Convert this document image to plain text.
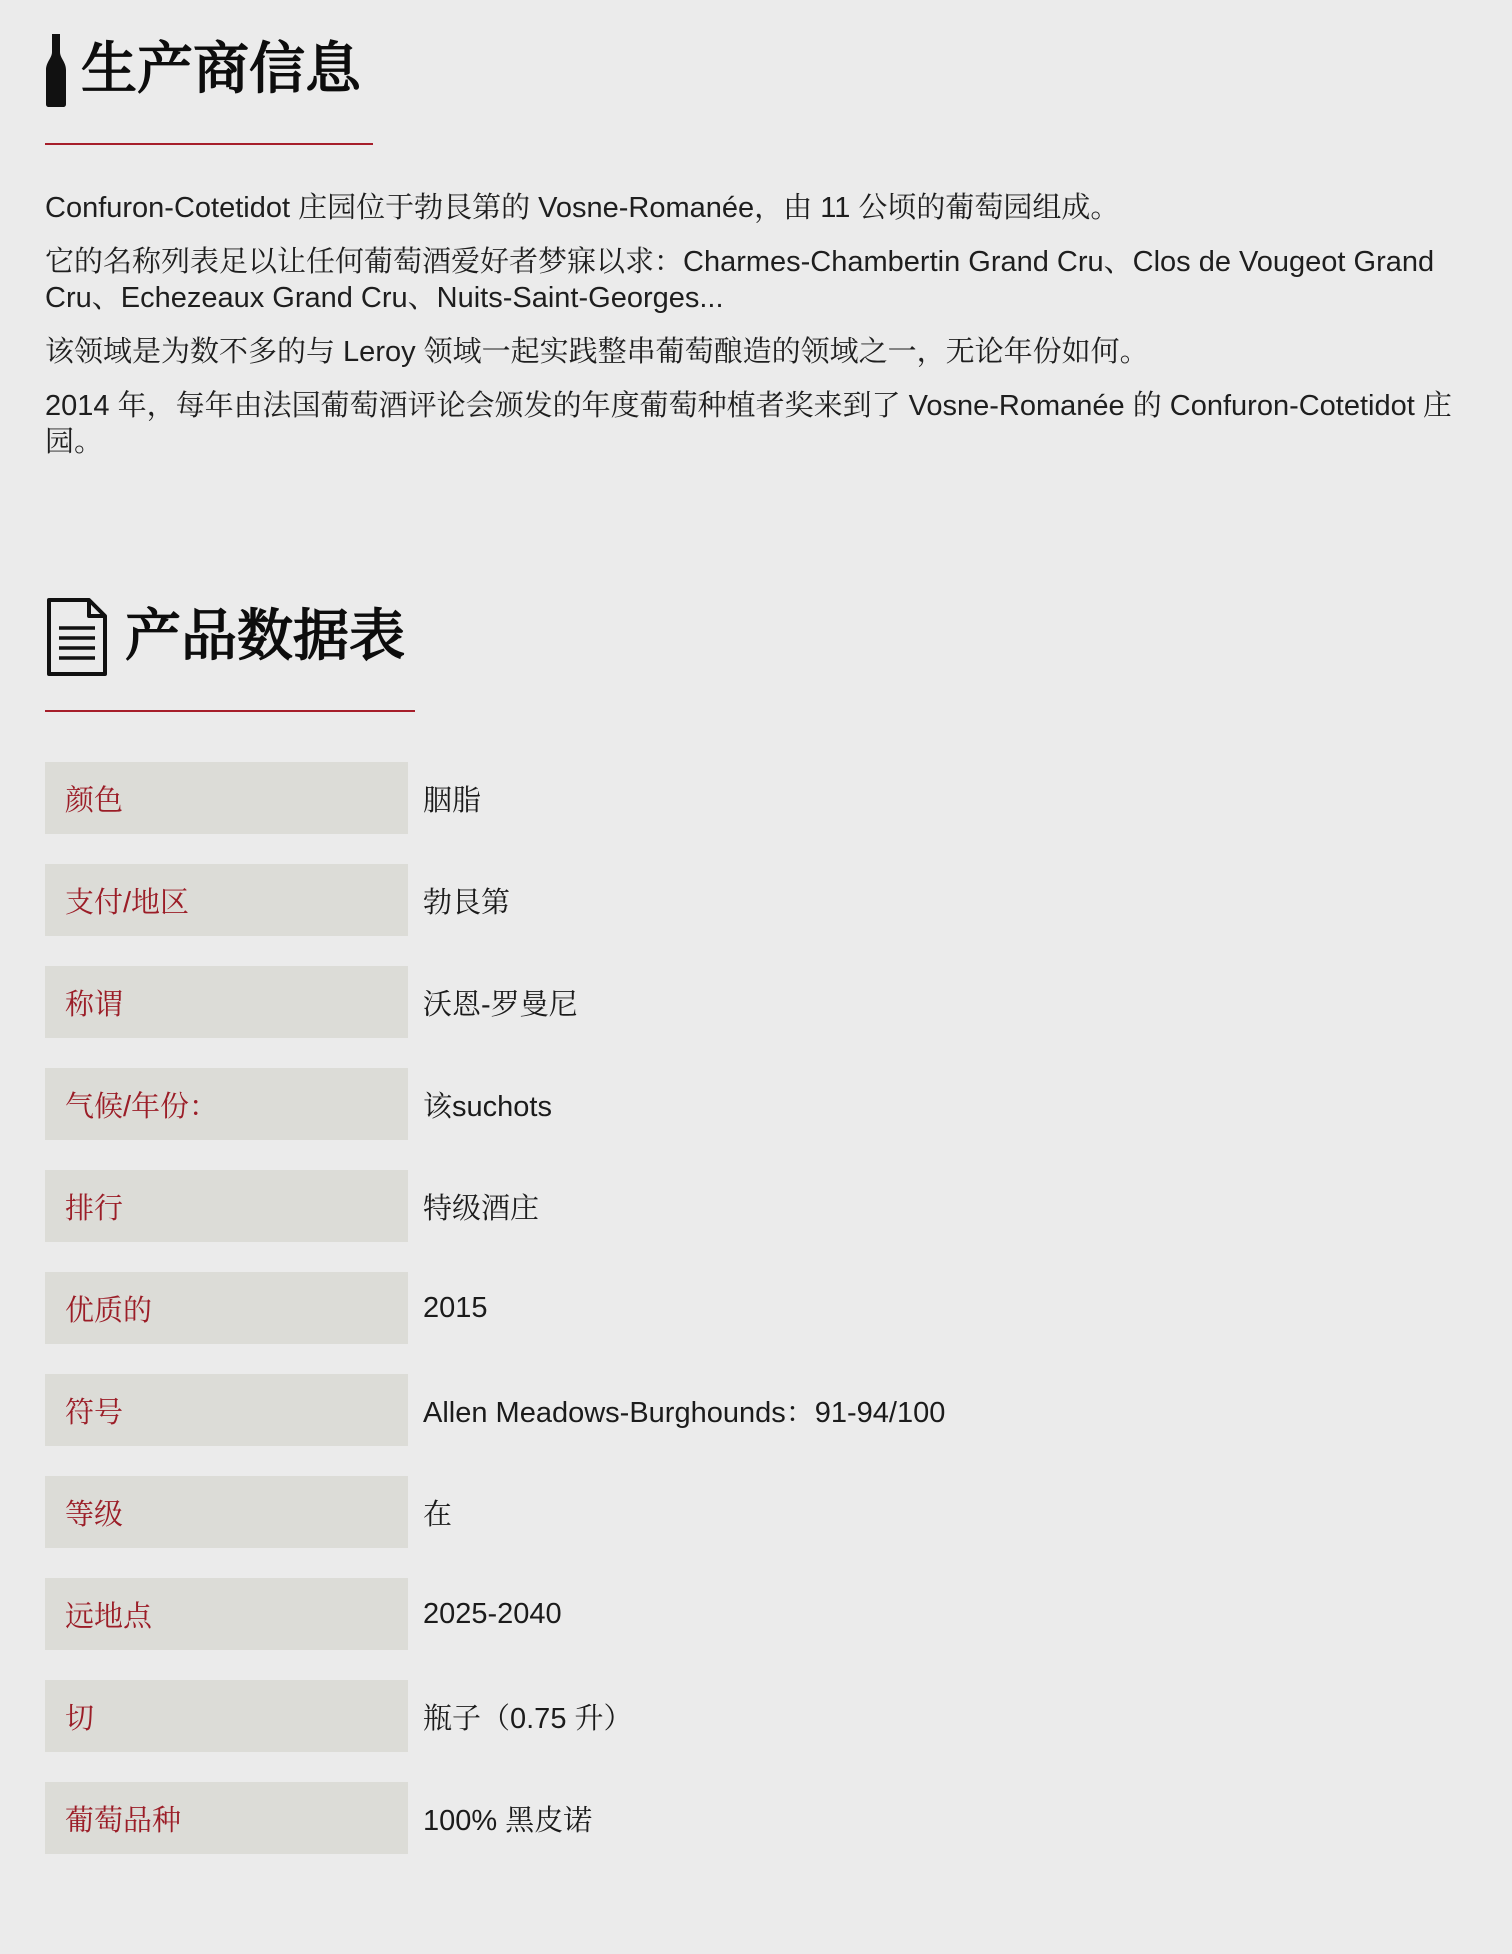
生产商信息

Confuron-Cotetidot 庄园位于勃艮第的 Vosne-Romanée，由 11 公顷的葡萄园组成。

它的名称列表足以让任何葡萄酒爱好者梦寐以求：Charmes-Chambertin Grand Cru、Clos de Vougeot Grand Cru、Echezeaux Grand Cru、Nuits-Saint-Georges...

该领域是为数不多的与 Leroy 领域一起实践整串葡萄酿造的领域之一，无论年份如何。

2014 年，每年由法国葡萄酒评论会颁发的年度葡萄种植者奖来到了 Vosne-Romanée 的 Confuron-Cotetidot 庄园。

产品数据表
颜色	胭脂
支付/地区	勃艮第
称谓	沃恩-罗曼尼
气候/年份：	该suchots
排行	特级酒庄
优质的	2015
符号	Allen Meadows-Burghounds：91-94/100
等级	在
远地点	2025-2040
切	瓶子（0.75 升）
葡萄品种	100% 黑皮诺
